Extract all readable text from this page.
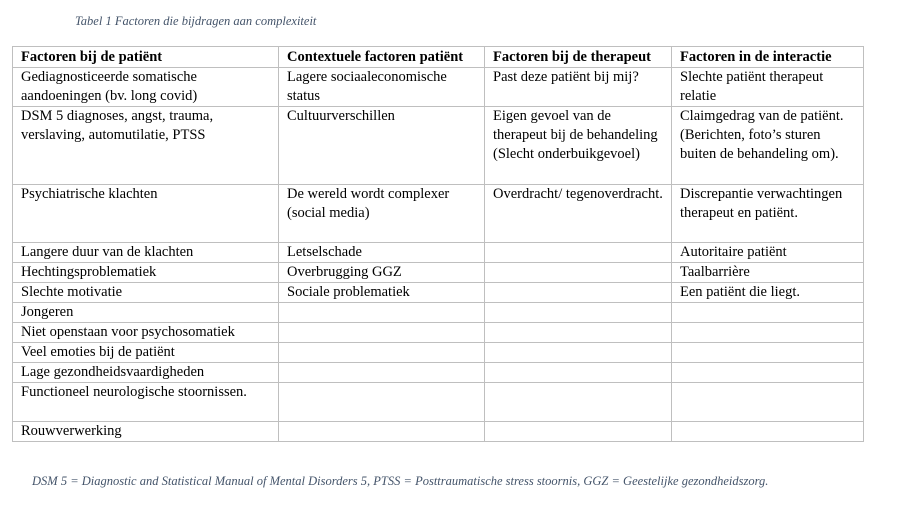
Tabel 1 Factoren die bijdragen aan complexiteit

Factoren bij de patiënt	Contextuele factoren patiënt	Factoren bij de therapeut	Factoren in de interactie
Gediagnosticeerde somatische aandoeningen (bv. long covid)	Lagere sociaaleconomische status	Past deze patiënt bij mij?	Slechte patiënt therapeut relatie
DSM 5 diagnoses, angst, trauma, verslaving, automutilatie, PTSS	Cultuurverschillen	Eigen gevoel van de therapeut bij de behandeling (Slecht onderbuikgevoel)	Claimgedrag van de patiënt. (Berichten, foto’s sturen buiten de behandeling om).
Psychiatrische klachten	De wereld wordt complexer (social media)	Overdracht/ tegenoverdracht.	Discrepantie verwachtingen therapeut en patiënt.
Langere duur van de klachten	Letselschade		Autoritaire patiënt
Hechtingsproblematiek	Overbrugging GGZ		Taalbarrière
Slechte motivatie	Sociale problematiek		Een patiënt die liegt.
Jongeren			
Niet openstaan voor psychosomatiek			
Veel emoties bij de patiënt			
Lage gezondheidsvaardigheden			
Functioneel neurologische stoornissen.			
Rouwverwerking			

DSM 5 = Diagnostic and Statistical Manual of Mental Disorders 5, PTSS = Posttraumatische stress stoornis, GGZ = Geestelijke gezondheidszorg.
